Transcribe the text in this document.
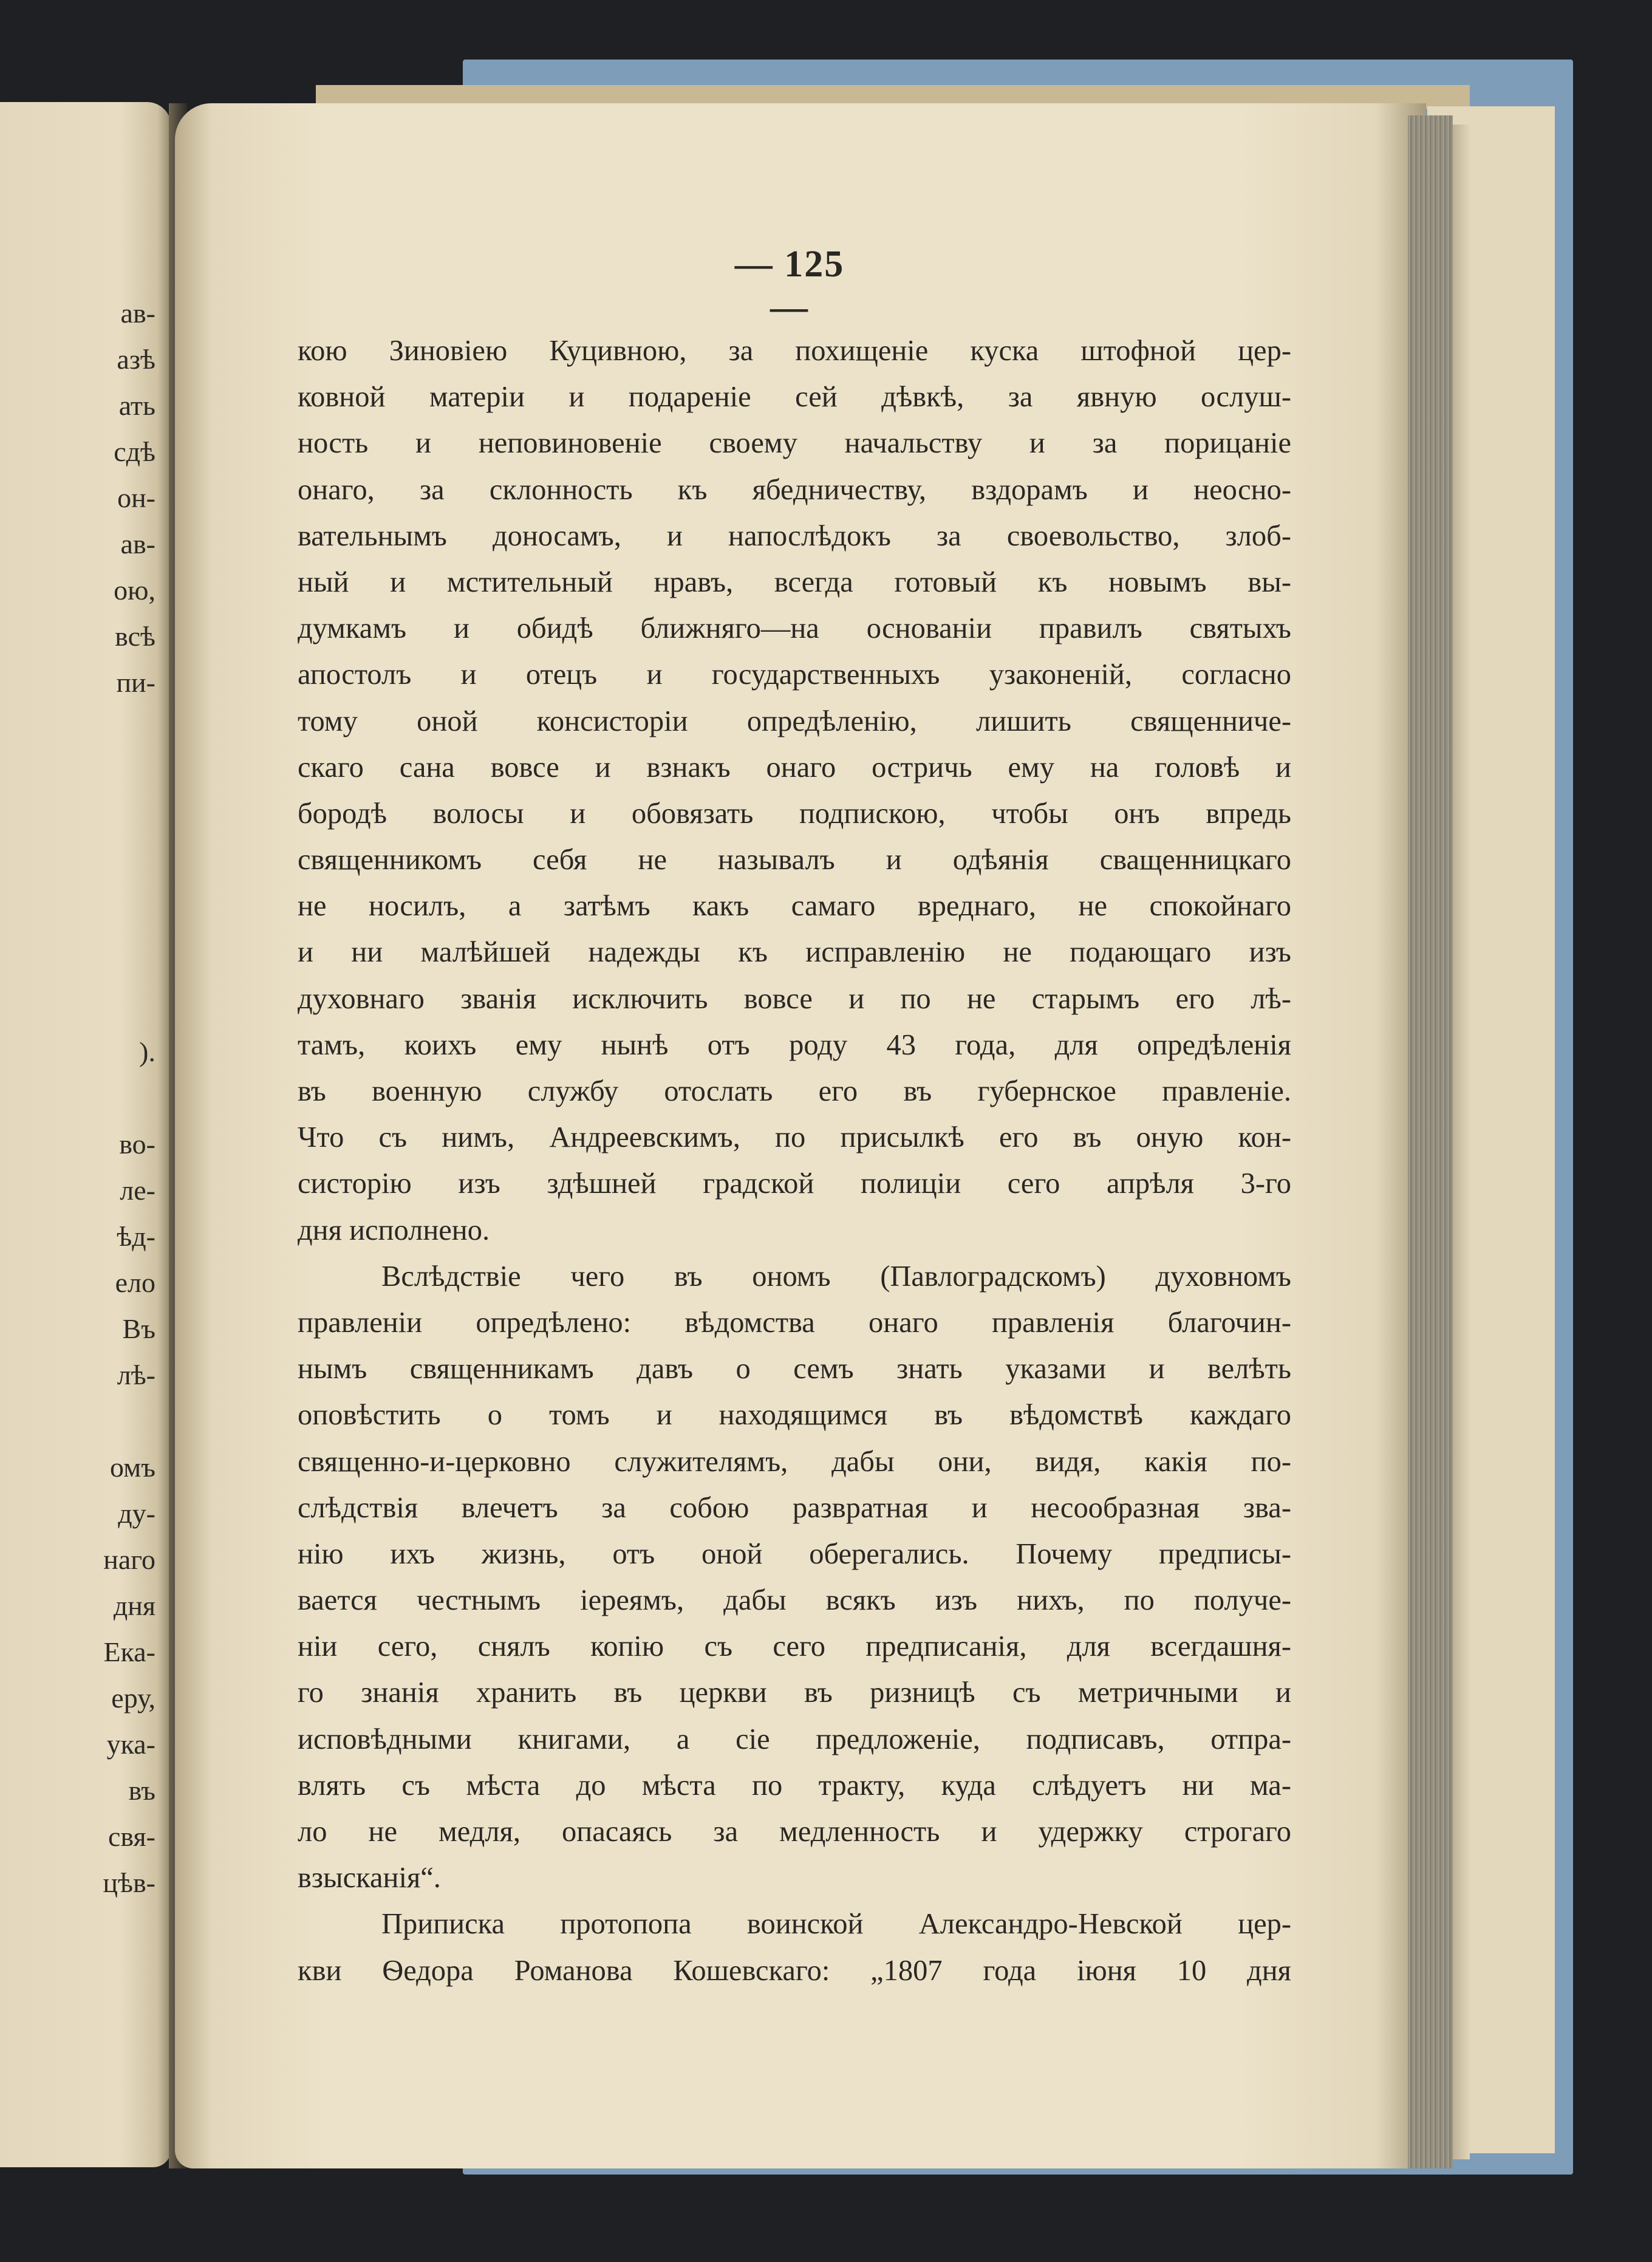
ав-
азѣ
ать
сдѣ
он-
ав-
ою,
всѣ
пи-
).
во-
ле-
ѣд-
ело
Въ
лѣ-
омъ
ду-
наго
дня
Ека-
еру,
ука-
въ
свя-
цѣв-
— 125 —
кою Зиновіею Куцивною, за похищеніе куска штофной цер-
ковной матеріи и подареніе сей дѣвкѣ, за явную ослуш-
ность и неповиновеніе своему начальству и за порицаніе
онаго, за склонность къ ябедничеству, вздорамъ и неосно-
вательнымъ доносамъ, и напослѣдокъ за своевольство, злоб-
ный и мстительный нравъ, всегда готовый къ новымъ вы-
думкамъ и обидѣ ближняго—на основаніи правилъ святыхъ
апостолъ и отецъ и государственныхъ узаконеній, согласно
тому оной консисторіи опредѣленію, лишить священниче-
скаго сана вовсе и взнакъ онаго остричь ему на головѣ и
бородѣ волосы и обовязать подпискою, чтобы онъ впредь
священникомъ себя не называлъ и одѣянія сващенницкаго
не носилъ, а затѣмъ какъ самаго вреднаго, не спокойнаго
и ни малѣйшей надежды къ исправленію не подающаго изъ
духовнаго званія исключить вовсе и по не старымъ его лѣ-
тамъ, коихъ ему нынѣ отъ роду 43 года, для опредѣленія
въ военную службу отослать его въ губернское правленіе.
Что съ нимъ, Андреевскимъ, по присылкѣ его въ оную кон-
систорію изъ здѣшней градской полиціи сего апрѣля 3-го
дня исполнено.
Вслѣдствіе чего въ ономъ (Павлоградскомъ) духовномъ
правленіи опредѣлено: вѣдомства онаго правленія благочин-
нымъ священникамъ давъ о семъ знать указами и велѣть
оповѣстить о томъ и находящимся въ вѣдомствѣ каждаго
священно-и-церковно служителямъ, дабы они, видя, какія по-
слѣдствія влечетъ за собою развратная и несообразная зва-
нію ихъ жизнь, отъ оной оберегались. Почему предписы-
вается честнымъ іереямъ, дабы всякъ изъ нихъ, по получе-
ніи сего, снялъ копію съ сего предписанія, для всегдашня-
го знанія хранить въ церкви въ ризницѣ съ метричными и
исповѣдными книгами, а сіе предложеніе, подписавъ, отпра-
влять съ мѣста до мѣста по тракту, куда слѣдуетъ ни ма-
ло не медля, опасаясь за медленность и удержку строгаго
взысканія“.
Приписка протопопа воинской Александро-Невской цер-
кви Ѳедора Романова Кошевскаго: „1807 года іюня 10 дня
